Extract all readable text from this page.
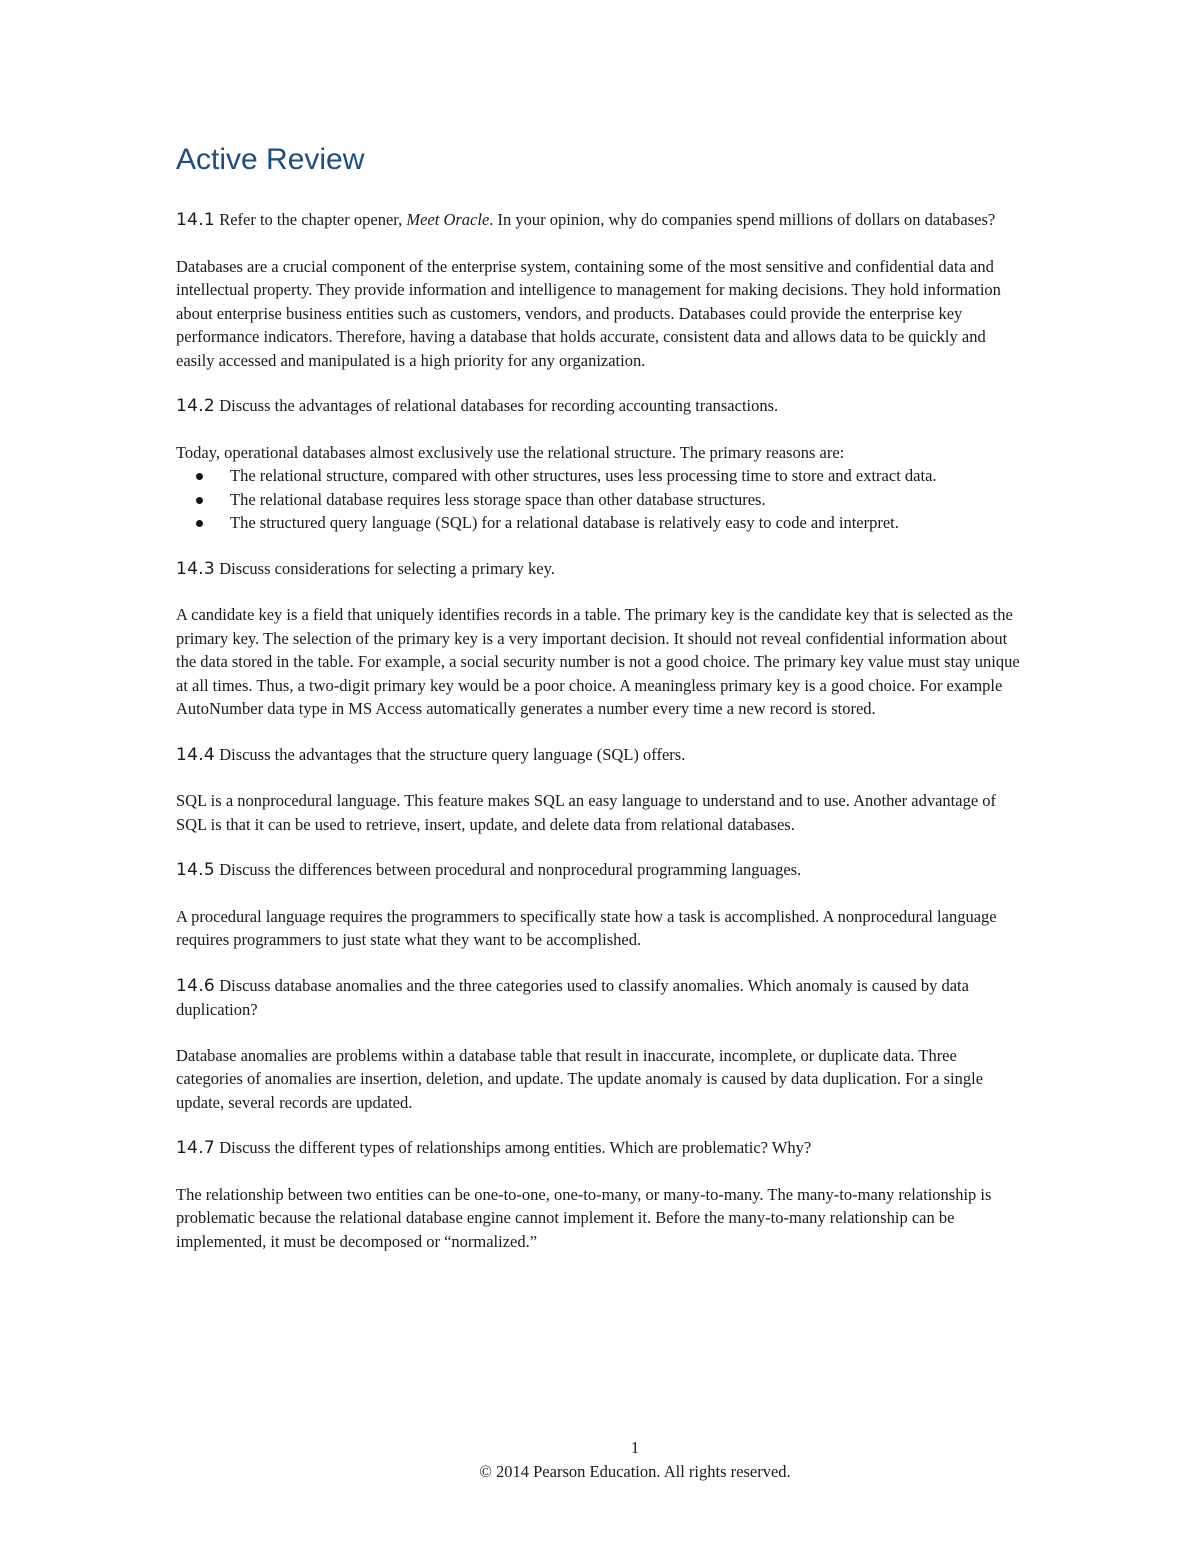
Active Review

14.1 Refer to the chapter opener, Meet Oracle. In your opinion, why do companies spend millions of dollars on databases?

Databases are a crucial component of the enterprise system, containing some of the most sensitive and confidential data and intellectual property. They provide information and intelligence to management for making decisions. They hold information about enterprise business entities such as customers, vendors, and products. Databases could provide the enterprise key performance indicators. Therefore, having a database that holds accurate, consistent data and allows data to be quickly and easily accessed and manipulated is a high priority for any organization.

14.2 Discuss the advantages of relational databases for recording accounting transactions.

Today, operational databases almost exclusively use the relational structure. The primary reasons are:

The relational structure, compared with other structures, uses less processing time to store and extract data.
The relational database requires less storage space than other database structures.
The structured query language (SQL) for a relational database is relatively easy to code and interpret.

14.3 Discuss considerations for selecting a primary key.

A candidate key is a field that uniquely identifies records in a table. The primary key is the candidate key that is selected as the primary key. The selection of the primary key is a very important decision. It should not reveal confidential information about the data stored in the table. For example, a social security number is not a good choice. The primary key value must stay unique at all times. Thus, a two-digit primary key would be a poor choice. A meaningless primary key is a good choice. For example AutoNumber data type in MS Access automatically generates a number every time a new record is stored.

14.4 Discuss the advantages that the structure query language (SQL) offers.

SQL is a nonprocedural language. This feature makes SQL an easy language to understand and to use. Another advantage of SQL is that it can be used to retrieve, insert, update, and delete data from relational databases.

14.5 Discuss the differences between procedural and nonprocedural programming languages.

A procedural language requires the programmers to specifically state how a task is accomplished. A nonprocedural language requires programmers to just state what they want to be accomplished.

14.6 Discuss database anomalies and the three categories used to classify anomalies. Which anomaly is caused by data duplication?

Database anomalies are problems within a database table that result in inaccurate, incomplete, or duplicate data. Three categories of anomalies are insertion, deletion, and update. The update anomaly is caused by data duplication. For a single update, several records are updated.

14.7 Discuss the different types of relationships among entities. Which are problematic? Why?

The relationship between two entities can be one-to-one, one-to-many, or many-to-many. The many-to-many relationship is problematic because the relational database engine cannot implement it. Before the many-to-many relationship can be implemented, it must be decomposed or “normalized.”

1
© 2014 Pearson Education. All rights reserved.
